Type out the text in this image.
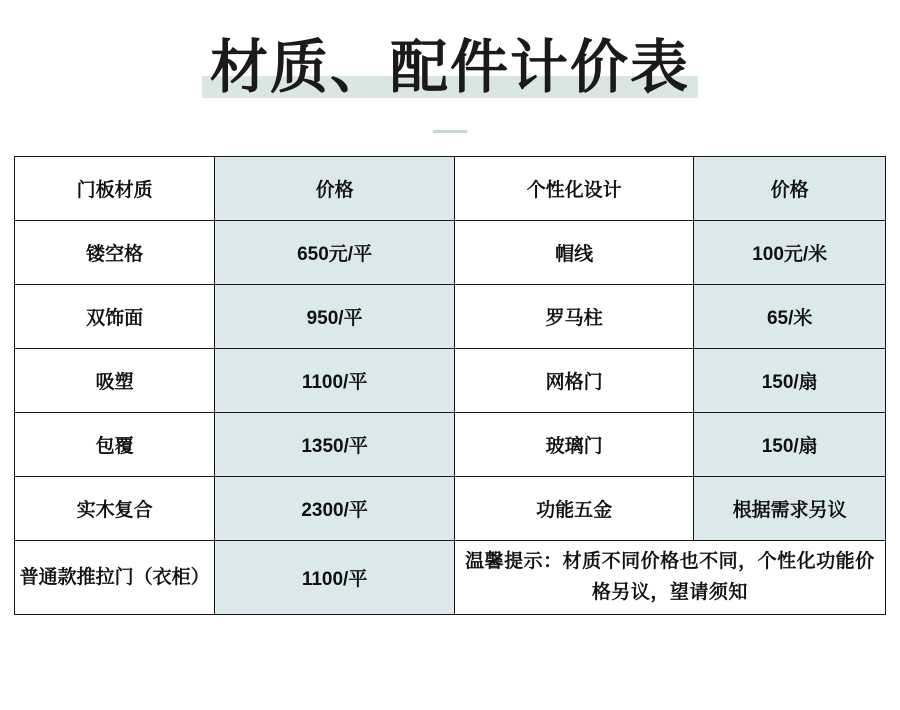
材质、配件计价表
门板材质	价格	个性化设计	价格
镂空格	650元/平	帽线	100元/米
双饰面	950/平	罗马柱	65/米
吸塑	1100/平	网格门	150/扇
包覆	1350/平	玻璃门	150/扇
实木复合	2300/平	功能五金	根据需求另议
普通款推拉门（衣柜）	1100/平	温馨提示：材质不同价格也不同，个性化功能价格另议，望请须知	
